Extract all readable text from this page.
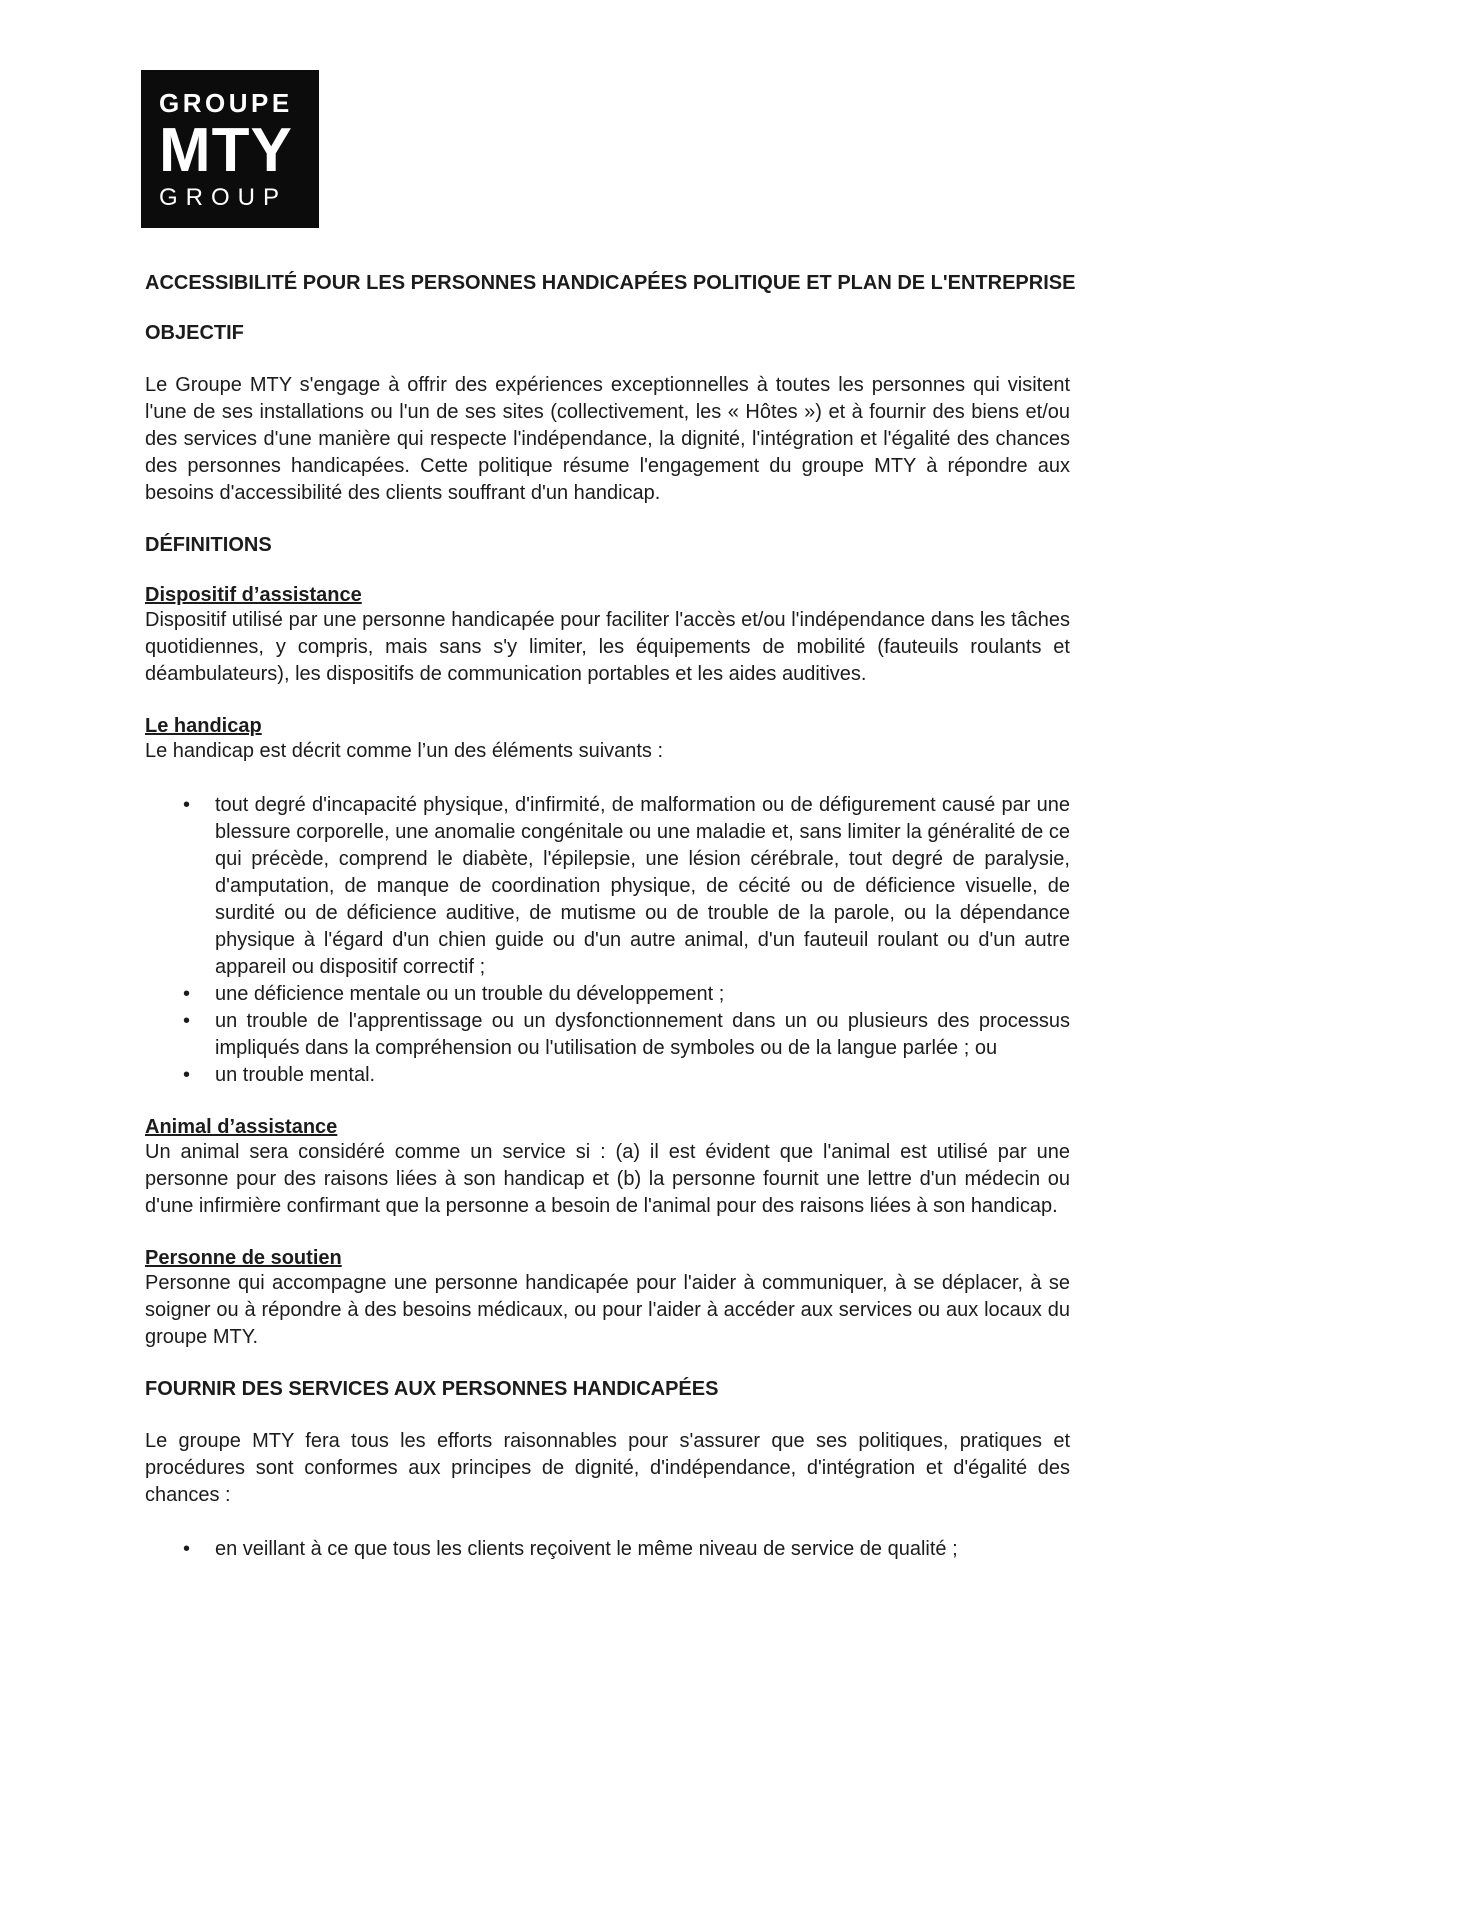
GROUPE
MTY
GROUP
ACCESSIBILITÉ POUR LES PERSONNES HANDICAPÉES POLITIQUE ET PLAN DE L'ENTREPRISE
OBJECTIF

Le Groupe MTY s'engage à offrir des expériences exceptionnelles à toutes les personnes qui visitent l'une de ses installations ou l'un de ses sites (collectivement, les « Hôtes ») et à fournir des biens et/ou des services d'une manière qui respecte l'indépendance, la dignité, l'intégration et l'égalité des chances des personnes handicapées. Cette politique résume l'engagement du groupe MTY à répondre aux besoins d'accessibilité des clients souffrant d'un handicap.

DÉFINITIONS
Dispositif d’assistance

Dispositif utilisé par une personne handicapée pour faciliter l'accès et/ou l'indépendance dans les tâches quotidiennes, y compris, mais sans s'y limiter, les équipements de mobilité (fauteuils roulants et déambulateurs), les dispositifs de communication portables et les aides auditives.

Le handicap

Le handicap est décrit comme l’un des éléments suivants :

• tout degré d'incapacité physique, d'infirmité, de malformation ou de défigurement causé par une blessure corporelle, une anomalie congénitale ou une maladie et, sans limiter la généralité de ce qui précède, comprend le diabète, l'épilepsie, une lésion cérébrale, tout degré de paralysie, d'amputation, de manque de coordination physique, de cécité ou de déficience visuelle, de surdité ou de déficience auditive, de mutisme ou de trouble de la parole, ou la dépendance physique à l'égard d'un chien guide ou d'un autre animal, d'un fauteuil roulant ou d'un autre appareil ou dispositif correctif ;
• une déficience mentale ou un trouble du développement ;
• un trouble de l'apprentissage ou un dysfonctionnement dans un ou plusieurs des processus impliqués dans la compréhension ou l'utilisation de symboles ou de la langue parlée ; ou
• un trouble mental.
Animal d’assistance

Un animal sera considéré comme un service si : (a) il est évident que l'animal est utilisé par une personne pour des raisons liées à son handicap et (b) la personne fournit une lettre d'un médecin ou d'une infirmière confirmant que la personne a besoin de l'animal pour des raisons liées à son handicap.

Personne de soutien

Personne qui accompagne une personne handicapée pour l'aider à communiquer, à se déplacer, à se soigner ou à répondre à des besoins médicaux, ou pour l'aider à accéder aux services ou aux locaux du groupe MTY.

FOURNIR DES SERVICES AUX PERSONNES HANDICAPÉES

Le groupe MTY fera tous les efforts raisonnables pour s'assurer que ses politiques, pratiques et procédures sont conformes aux principes de dignité, d'indépendance, d'intégration et d'égalité des chances :

• en veillant à ce que tous les clients reçoivent le même niveau de service de qualité ;
